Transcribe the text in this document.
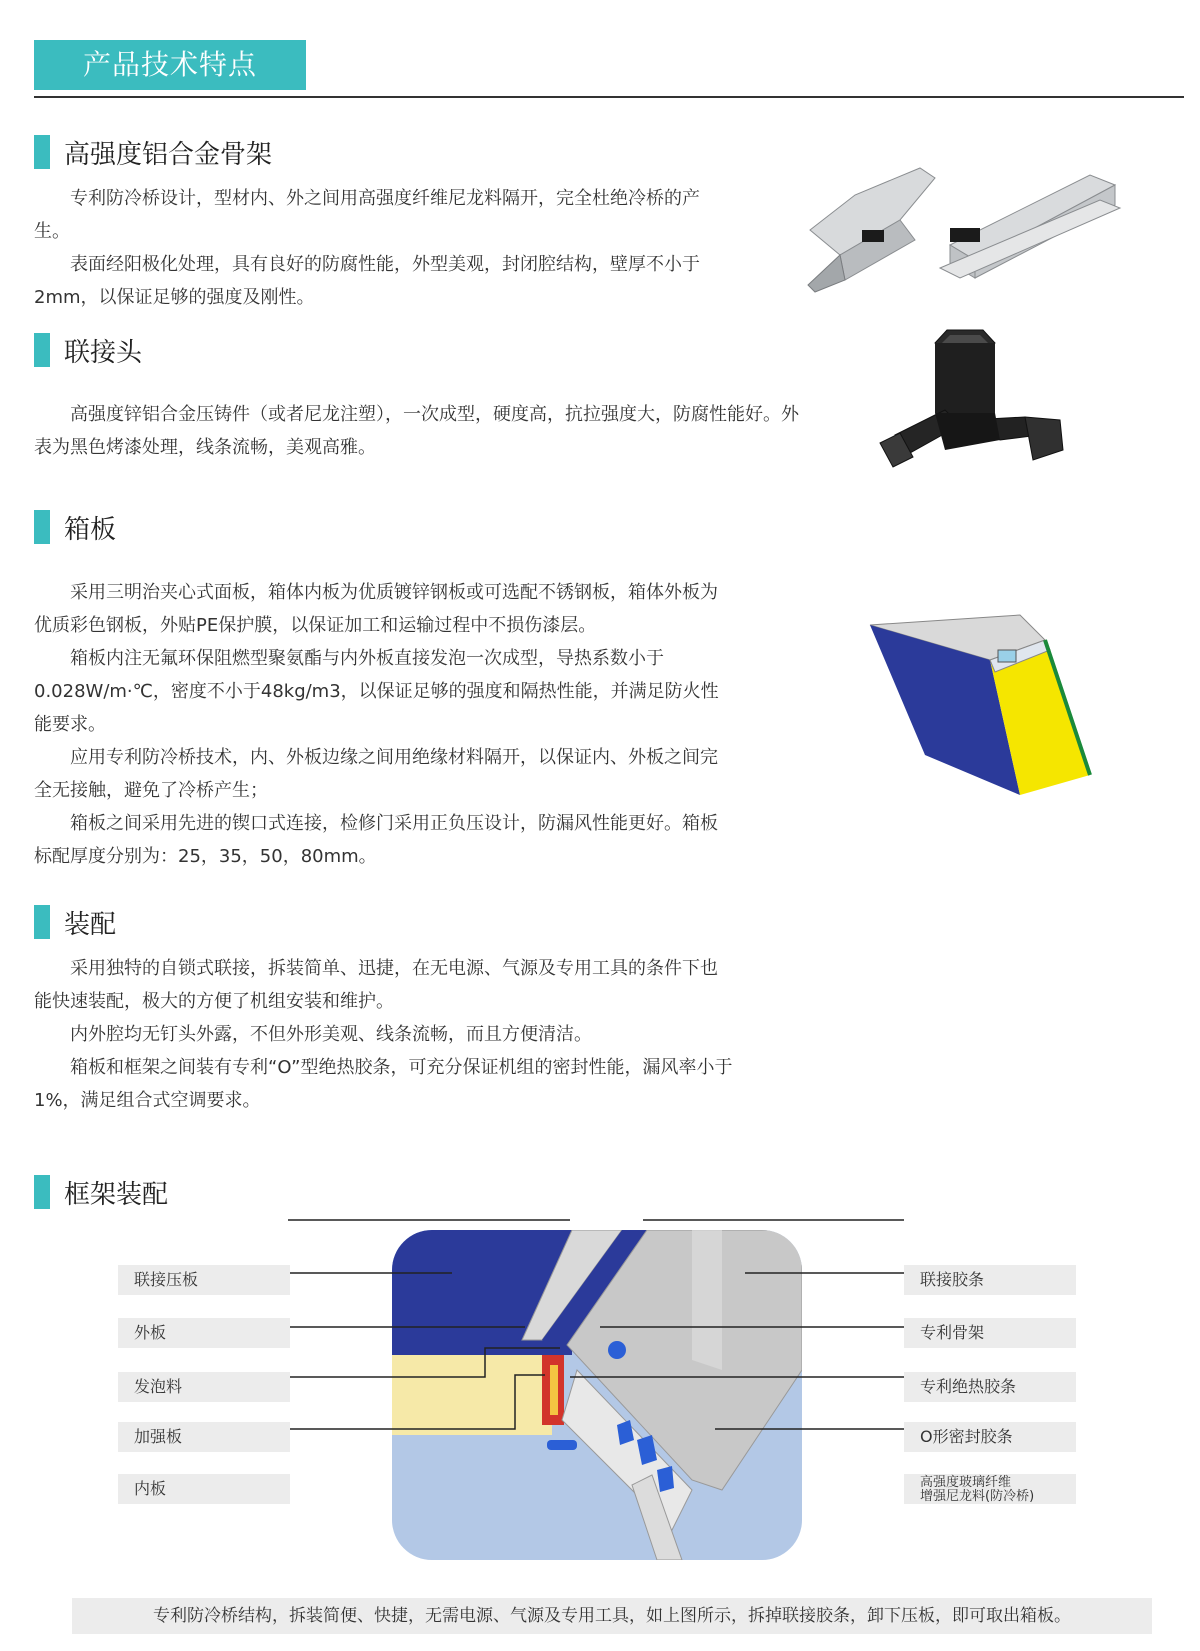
产品技术特点
高强度铝合金骨架

专利防冷桥设计，型材内、外之间用高强度纤维尼龙料隔开，完全杜绝冷桥的产生。

表面经阳极化处理，具有良好的防腐性能，外型美观，封闭腔结构，壁厚不小于2mm，以保证足够的强度及刚性。

联接头

高强度锌铝合金压铸件（或者尼龙注塑），一次成型，硬度高，抗拉强度大，防腐性能好。外表为黑色烤漆处理，线条流畅，美观高雅。

箱板

采用三明治夹心式面板，箱体内板为优质镀锌钢板或可选配不锈钢板，箱体外板为优质彩色钢板，外贴PE保护膜，以保证加工和运输过程中不损伤漆层。

箱板内注无氟环保阻燃型聚氨酯与内外板直接发泡一次成型，导热系数小于0.028W/m·℃，密度不小于48kg/m3，以保证足够的强度和隔热性能，并满足防火性能要求。

应用专利防冷桥技术，内、外板边缘之间用绝缘材料隔开，以保证内、外板之间完全无接触，避免了冷桥产生；

箱板之间采用先进的锲口式连接，检修门采用正负压设计，防漏风性能更好。箱板标配厚度分别为：25，35，50，80mm。

装配

采用独特的自锁式联接，拆装简单、迅捷，在无电源、气源及专用工具的条件下也能快速装配，极大的方便了机组安装和维护。

内外腔均无钉头外露，不但外形美观、线条流畅，而且方便清洁。

箱板和框架之间装有专利“O”型绝热胶条，可充分保证机组的密封性能，漏风率小于1%，满足组合式空调要求。

框架装配
联接压板
外板
发泡料
加强板
内板
联接胶条
专利骨架
专利绝热胶条
O形密封胶条
高强度玻璃纤维
增强尼龙料(防冷桥)
专利防冷桥结构，拆装简便、快捷，无需电源、气源及专用工具，如上图所示，拆掉联接胶条，卸下压板，即可取出箱板。
